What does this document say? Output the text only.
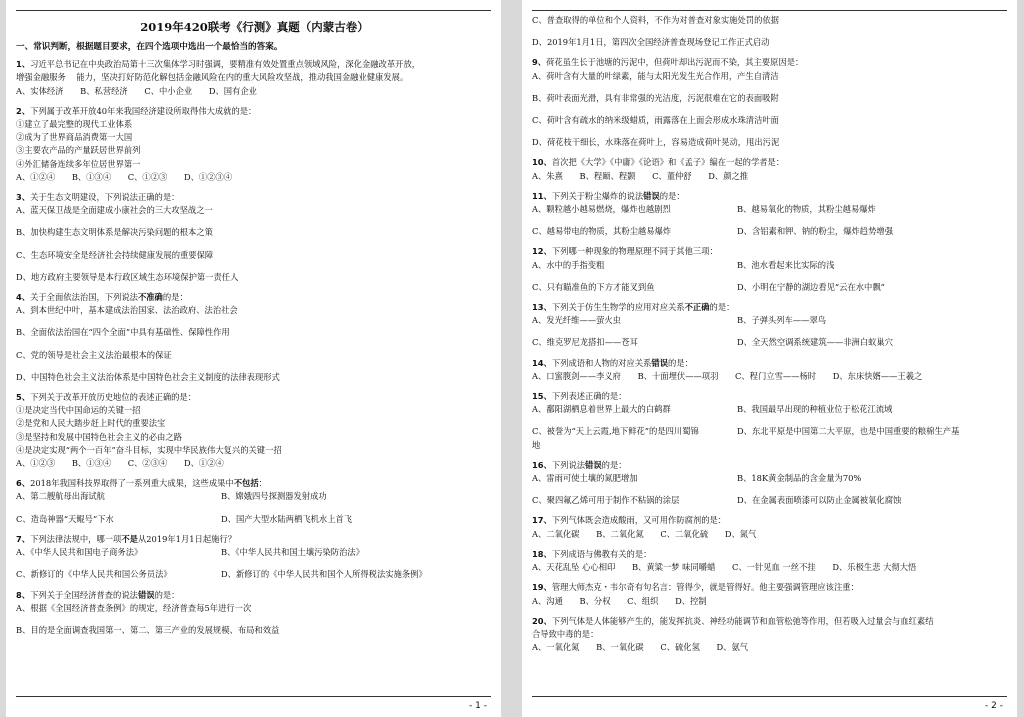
2019年420联考《行测》真题（内蒙古卷）
一、常识判断，根据题目要求，在四个选项中选出一个最恰当的答案。
1、习近平总书记在中央政治局第十三次集体学习时强调，要精准有效处置重点领域风险，深化金融改革开放，
增强金融服务 能力，坚决打好防范化解包括金融风险在内的重大风险攻坚战，推动我国金融业健康发展。
A、实体经济 B、私营经济 C、中小企业 D、国有企业
2、下列属于改革开放40年来我国经济建设所取得伟大成就的是：
①建立了最完整的现代工业体系
②成为了世界商品消费第一大国
③主要农产品的产量跃居世界前列
④外汇储备连续多年位居世界第一
A、①②④ B、①③④ C、①②③ D、①②③④
3、关于生态文明建设，下列说法正确的是：
A、蓝天保卫战是全面建成小康社会的三大攻坚战之一
B、加快构建生态文明体系是解决污染问题的根本之策
C、生态环境安全是经济社会持续健康发展的重要保障
D、地方政府主要领导是本行政区域生态环境保护第一责任人
4、关于全面依法治国，下列说法不准确的是：
A、到本世纪中叶，基本建成法治国家、法治政府、法治社会
B、全面依法治国在“四个全面”中具有基础性、保障性作用
C、党的领导是社会主义法治最根本的保证
D、中国特色社会主义法治体系是中国特色社会主义制度的法律表现形式
5、下列关于改革开放历史地位的表述正确的是：
①是决定当代中国命运的关键一招
②是党和人民大踏步赶上时代的重要法宝
③是坚持和发展中国特色社会主义的必由之路
④是决定实现“两个一百年”奋斗目标，实现中华民族伟大复兴的关键一招
A、①②③ B、①③④ C、②③④ D、①②④
6、2018年我国科技界取得了一系列重大成果，这些成果中不包括：
A、第二艘航母出海试航	B、嫦娥四号探测器发射成功
C、造岛神器“天鲲号”下水	D、国产大型水陆两栖飞机水上首飞
7、下列法律法规中，哪一项不是从2019年1月1日起施行？
A、《中华人民共和国电子商务法》	B、《中华人民共和国土壤污染防治法》
C、新修订的《中华人民共和国公务员法》	D、新修订的《中华人民共和国个人所得税法实施条例》
8、下列关于全国经济普查的说法错误的是：
A、根据《全国经济普查条例》的规定，经济普查每5年进行一次
B、目的是全面调查我国第一、第二、第三产业的发展规模、布局和效益
- 1 -
C、普查取得的单位和个人资料，不作为对普查对象实施处罚的依据
D、2019年1月1日，第四次全国经济普查现场登记工作正式启动
9、荷花虽生长于池塘的污泥中，但荷叶却出污泥而不染，其主要原因是：
A、荷叶含有大量的叶绿素，能与太阳光发生光合作用，产生自清洁
B、荷叶表面光滑，具有非常强的光洁度，污泥很难在它的表面吸附
C、荷叶含有疏水的纳米级蜡质，雨露落在上面会形成水珠清洁叶面
D、荷花枝干细长，水珠落在荷叶上，容易造成荷叶晃动，甩出污泥
10、首次把《大学》《中庸》《论语》和《孟子》编在一起的学者是：
A、朱熹 B、程颐、程颢 C、董仲舒 D、颜之推
11、下列关于粉尘爆炸的说法错误的是：
A、颗粒越小越易燃烧，爆炸也越剧烈	B、越易氧化的物质，其粉尘越易爆炸
C、越易带电的物质，其粉尘越易爆炸	D、含铝素和钾、钠的粉尘，爆炸趋势增强
12、下列哪一种现象的物理原理不同于其他三项：
A、水中的手指变粗	B、池水看起来比实际的浅
C、只有瞄准鱼的下方才能叉到鱼	D、小明在宁静的湖边看见“云在水中飘”
13、下列关于仿生生物学的应用对应关系不正确的是：
A、发光纤维——萤火虫	B、子弹头列车——翠鸟
C、维克罗尼龙搭扣——苍耳	D、全天然空调系统建筑——非洲白蚁巢穴
14、下列成语和人物的对应关系错误的是：
A、口蜜腹剑——李义府 B、十面埋伏——项羽 C、程门立雪——杨时 D、东床快婿——王羲之
15、下列表述正确的是：
A、鄱阳湖栖息着世界上最大的白鹤群	B、我国最早出现的种植业位于松花江流域
C、被誉为“天上云霞,地下鲜花”的是四川蜀锦	D、东北平原是中国第二大平原，也是中国重要的粮棉生产基
地
16、下列说法错误的是：
A、雷雨可使土壤的氮肥增加	B、18K黄金制品的含金量为70%
C、聚四氟乙烯可用于制作不粘锅的涂层	D、在金属表面喷漆可以防止金属被氧化腐蚀
17、下列气体既会造成酸雨，又可用作防腐剂的是：
A、二氧化碳 B、二氧化氮 C、二氧化硫 D、氮气
18、下列成语与佛教有关的是：
A、天花乱坠 心心相印 B、黄粱一梦 味同嚼蜡 C、一针见血 一丝不挂 D、乐极生悲 大彻大悟
19、管理大师杰克・韦尔奇有句名言：管得少，就是管得好。他主要强调管理应该注重：
A、沟通 B、分权 C、组织 D、控制
20、下列气体是人体能够产生的，能发挥抗炎、神经功能调节和血管松弛等作用，但若吸入过量会与血红素结
合导致中毒的是：
A、一氧化氮 B、一氧化碳 C、硫化氢 D、氨气
- 2 -
